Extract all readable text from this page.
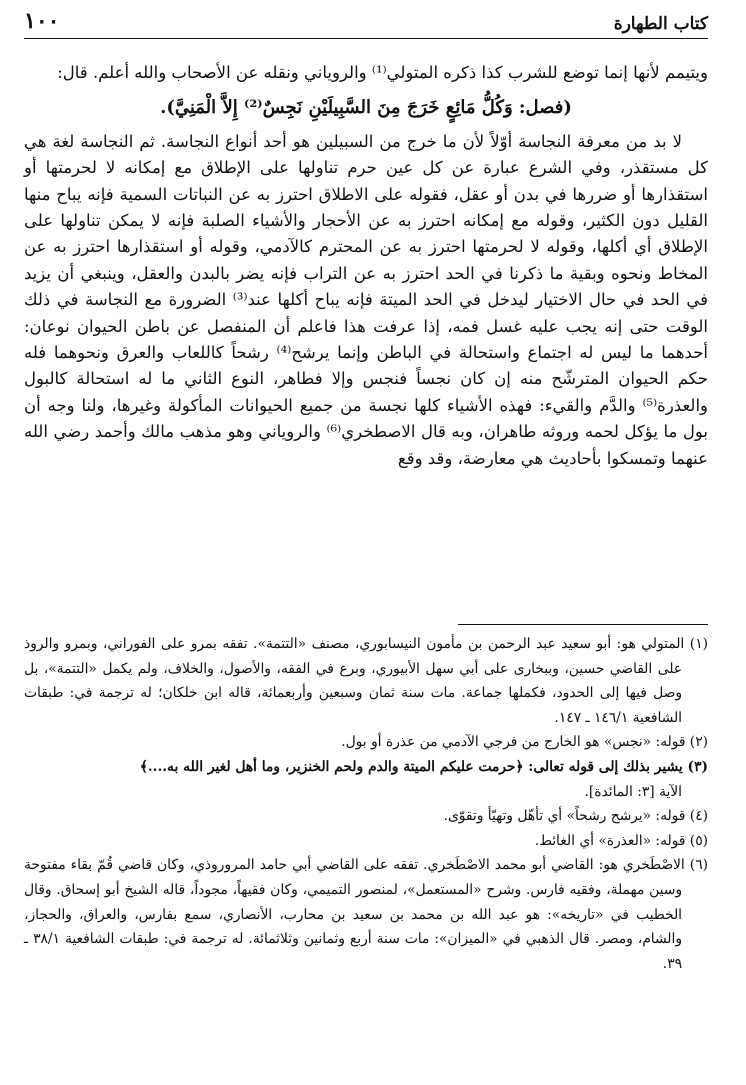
كتاب الطهارة
١٠٠

ويتيمم لأنها إنما توضع للشرب كذا ذكره المتولي⁽¹⁾ والروياني ونقله عن الأصحاب والله أعلم. قال:

(فصل: وَكُلُّ مَائِعٍ خَرَجَ مِنَ السَّبِيلَيْنِ نَجِسٌ⁽²⁾ إِلاَّ الْمَنِيَّ).

لا بد من معرفة النجاسة أوّلاً لأن ما خرج من السبيلين هو أحد أنواع النجاسة. ثم النجاسة لغة هي كل مستقذر، وفي الشرع عبارة عن كل عين حرم تناولها على الإطلاق مع إمكانه لا لحرمتها أو استقذارها أو ضررها في بدن أو عقل، فقوله على الاطلاق احترز به عن النباتات السمية فإنه يباح منها القليل دون الكثير، وقوله مع إمكانه احترز به عن الأحجار والأشياء الصلبة فإنه لا يمكن تناولها على الإطلاق أي أكلها، وقوله لا لحرمتها احترز به عن المحترم كالآدمي، وقوله أو استقذارها احترز به عن المخاط ونحوه وبقية ما ذكرنا في الحد احترز به عن التراب فإنه يضر بالبدن والعقل، وينبغي أن يزيد في الحد في حال الاختيار ليدخل في الحد الميتة فإنه يباح أكلها عند⁽³⁾ الضرورة مع النجاسة في ذلك الوقت حتى إنه يجب عليه غسل فمه، إذا عرفت هذا فاعلم أن المنفصل عن باطن الحيوان نوعان: أحدهما ما ليس له اجتماع واستحالة في الباطن وإنما يرشح⁽⁴⁾ رشحاً كاللعاب والعرق ونحوهما فله حكم الحيوان المترشّح منه إن كان نجساً فنجس وإلا فطاهر، النوع الثاني ما له استحالة كالبول والعذرة⁽⁵⁾ والدَّم والقيء: فهذه الأشياء كلها نجسة من جميع الحيوانات المأكولة وغيرها، ولنا وجه أن بول ما يؤكل لحمه وروثه طاهران، وبه قال الاصطخري⁽⁶⁾ والروياني وهو مذهب مالك وأحمد رضي الله عنهما وتمسكوا بأحاديث هي معارضة، وقد وقع

(١) المتولي هو: أبو سعيد عبد الرحمن بن مأمون النيسابوري، مصنف «التتمة». تفقه بمرو على الفوراني، وبمرو والروذ على القاضي حسين، وببخارى على أبي سهل الأبيوري، وبرع في الفقه، والأصول، والخلاف، ولم يكمل «التتمة»، بل وصل فيها إلى الحدود، فكملها جماعة. مات سنة ثمان وسبعين وأربعمائة، قاله ابن خلكان؛ له ترجمة في: طبقات الشافعية ١٤٦/١ ـ ١٤٧.

(٢) قوله: «نجس» هو الخارج من فرجي الآدمي من عذرة أو بول.

(٣) يشير بذلك إلى قوله تعالى: ﴿حرمت عليكم الميتة والدم ولحم الخنزير، وما أهل لغير الله به....﴾

الآية [٣: المائدة].

(٤) قوله: «يرشح رشحاً» أي تأهّل وتهيّأ وتقوّى.

(٥) قوله: «العذرة» أي الغائط.

(٦) الاصْطَخري هو: القاضي أبو محمد الاصْطَخري. تفقه على القاضي أبي حامد المروروذي، وكان قاضي قُمّ بقاء مفتوحة وسين مهملة، وفقيه فارس. وشرح «المستعمل»، لمنصور التميمي، وكان فقيهاً، مجوداً، قاله الشيخ أبو إسحاق. وقال الخطيب في «تاريخه»: هو عبد الله بن محمد بن سعيد بن محارب، الأنصاري، سمع بفارس، والعراق، والحجاز، والشام، ومصر. قال الذهبي في «الميزان»: مات سنة أربع وثمانين وثلاثمائة. له ترجمة في: طبقات الشافعية ٣٨/١ ـ ٣٩.
